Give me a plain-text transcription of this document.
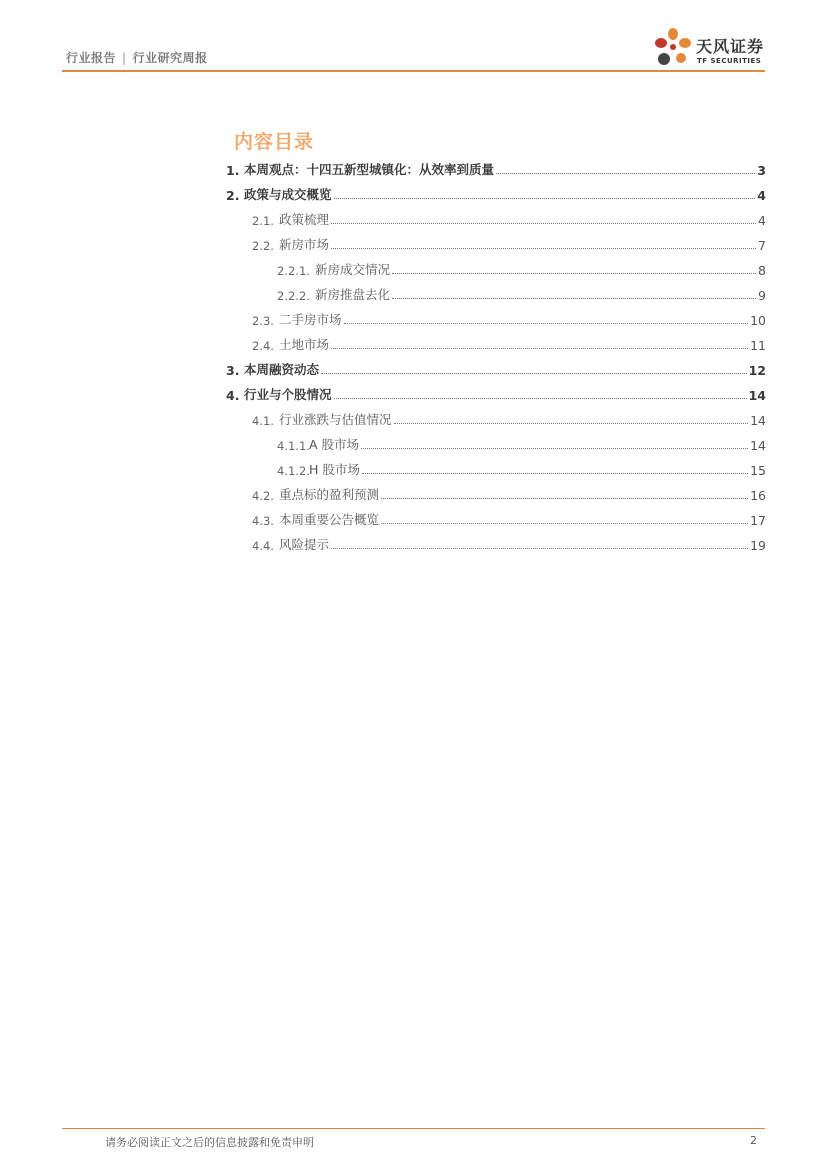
行业报告 | 行业研究周报
天风证券
TF SECURITIES
内容目录
1. 本周观点：十四五新型城镇化：从效率到质量	3
2. 政策与成交概览	4
2.1. 政策梳理	4
2.2. 新房市场	7
2.2.1. 新房成交情况	8
2.2.2. 新房推盘去化	9
2.3. 二手房市场	10
2.4. 土地市场	11
3. 本周融资动态	12
4. 行业与个股情况	14
4.1. 行业涨跌与估值情况	14
4.1.1. A 股市场	14
4.1.2. H 股市场	15
4.2. 重点标的盈利预测	16
4.3. 本周重要公告概览	17
4.4. 风险提示	19
请务必阅读正文之后的信息披露和免责申明	2
